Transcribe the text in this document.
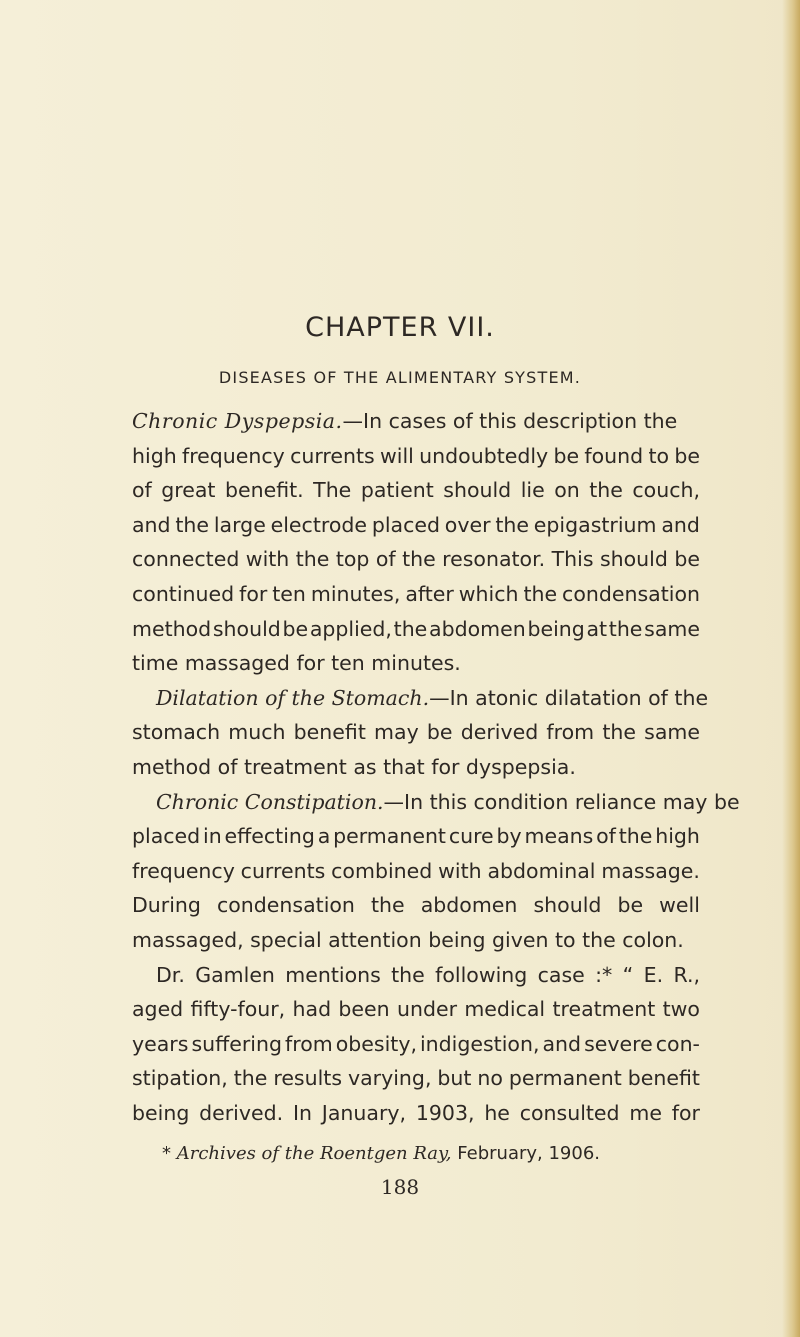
CHAPTER VII.
DISEASES OF THE ALIMENTARY SYSTEM.
Chronic Dyspepsia.—In cases of this description the
high frequency currents will undoubtedly be found to be
of great benefit. The patient should lie on the couch,
and the large electrode placed over the epigastrium and
connected with the top of the resonator. This should be
continued for ten minutes, after which the condensation
method should be applied, the abdomen being at the same
time massaged for ten minutes.
Dilatation of the Stomach.—In atonic dilatation of the
stomach much benefit may be derived from the same
method of treatment as that for dyspepsia.
Chronic Constipation.—In this condition reliance may be
placed in effecting a permanent cure by means of the high
frequency currents combined with abdominal massage.
During condensation the abdomen should be well
massaged, special attention being given to the colon.
Dr. Gamlen mentions the following case :* “ E. R.,
aged fifty-four, had been under medical treatment two
years suffering from obesity, indigestion, and severe con-
stipation, the results varying, but no permanent benefit
being derived. In January, 1903, he consulted me for
* Archives of the Roentgen Ray, February, 1906.
188
